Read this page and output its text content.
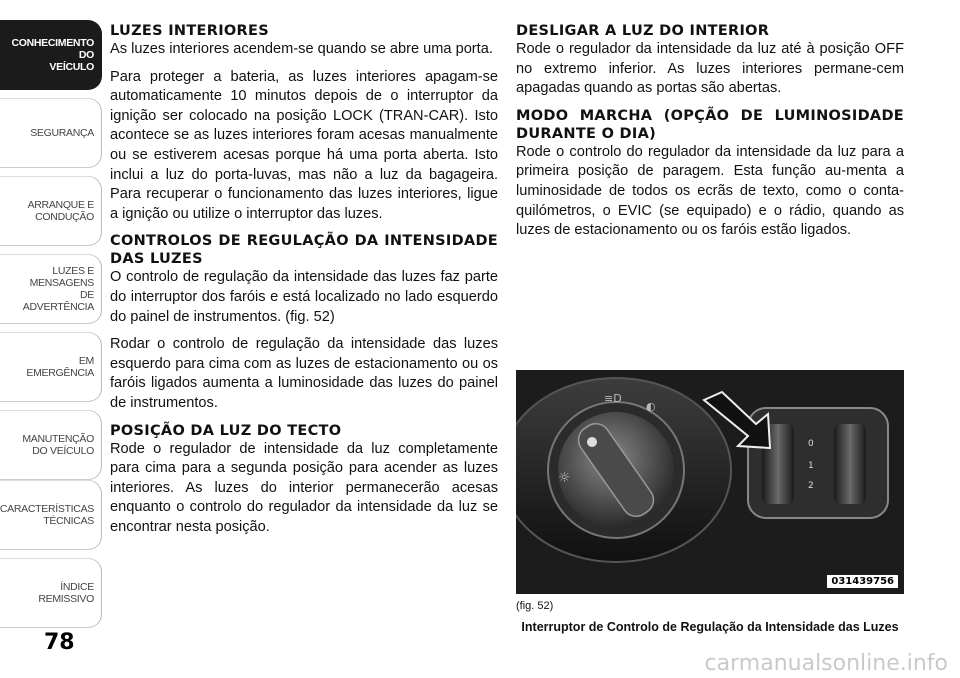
CONHECIMENTO
DO
VEÍCULO
SEGURANÇA
ARRANQUE E
CONDUÇÃO
LUZES E
MENSAGENS
DE
ADVERTÊNCIA
EM
EMERGÊNCIA
MANUTENÇÃO
DO VEÍCULO
CARACTERÍSTICAS
TÉCNICAS
ÍNDICE
REMISSIVO
78
LUZES INTERIORES

As luzes interiores acendem-se quando se abre uma porta.

Para proteger a bateria, as luzes interiores apagam-se automaticamente 10 minutos depois de o interruptor da ignição ser colocado na posição LOCK (TRAN-CAR). Isto acontece se as luzes interiores foram acesas manualmente ou se estiverem acesas porque há uma porta aberta. Isto inclui a luz do porta-luvas, mas não a luz da bagageira. Para recuperar o funcionamento das luzes interiores, ligue a ignição ou utilize o interruptor das luzes.

CONTROLOS DE REGULAÇÃO DA INTENSIDADE DAS LUZES

O controlo de regulação da intensidade das luzes faz parte do interruptor dos faróis e está localizado no lado esquerdo do painel de instrumentos. (fig. 52)

Rodar o controlo de regulação da intensidade das luzes esquerdo para cima com as luzes de estacionamento ou os faróis ligados aumenta a luminosidade das luzes do painel de instrumentos.

POSIÇÃO DA LUZ DO TECTO

Rode o regulador de intensidade da luz completamente para cima para a segunda posição para acender as luzes interiores. As luzes do interior permanecerão acesas enquanto o controlo do regulador da intensidade da luz se encontrar nesta posição.

DESLIGAR A LUZ DO INTERIOR

Rode o regulador da intensidade da luz até à posição OFF no extremo inferior. As luzes interiores permane-cem apagadas quando as portas são abertas.

MODO MARCHA (OPÇÃO DE LUMINOSIDADE DURANTE O DIA)

Rode o controlo do regulador da intensidade da luz para a primeira posição de paragem. Esta função au-menta a luminosidade de todos os ecrãs de texto, como o conta-quilómetros, o EVIC (se equipado) e o rádio, quando as luzes de estacionamento ou os faróis estão ligados.

☼
≡D
◐
0
1
2
031439756
(fig. 52)
Interruptor de Controlo de Regulação da Intensidade das Luzes
carmanualsonline.info
